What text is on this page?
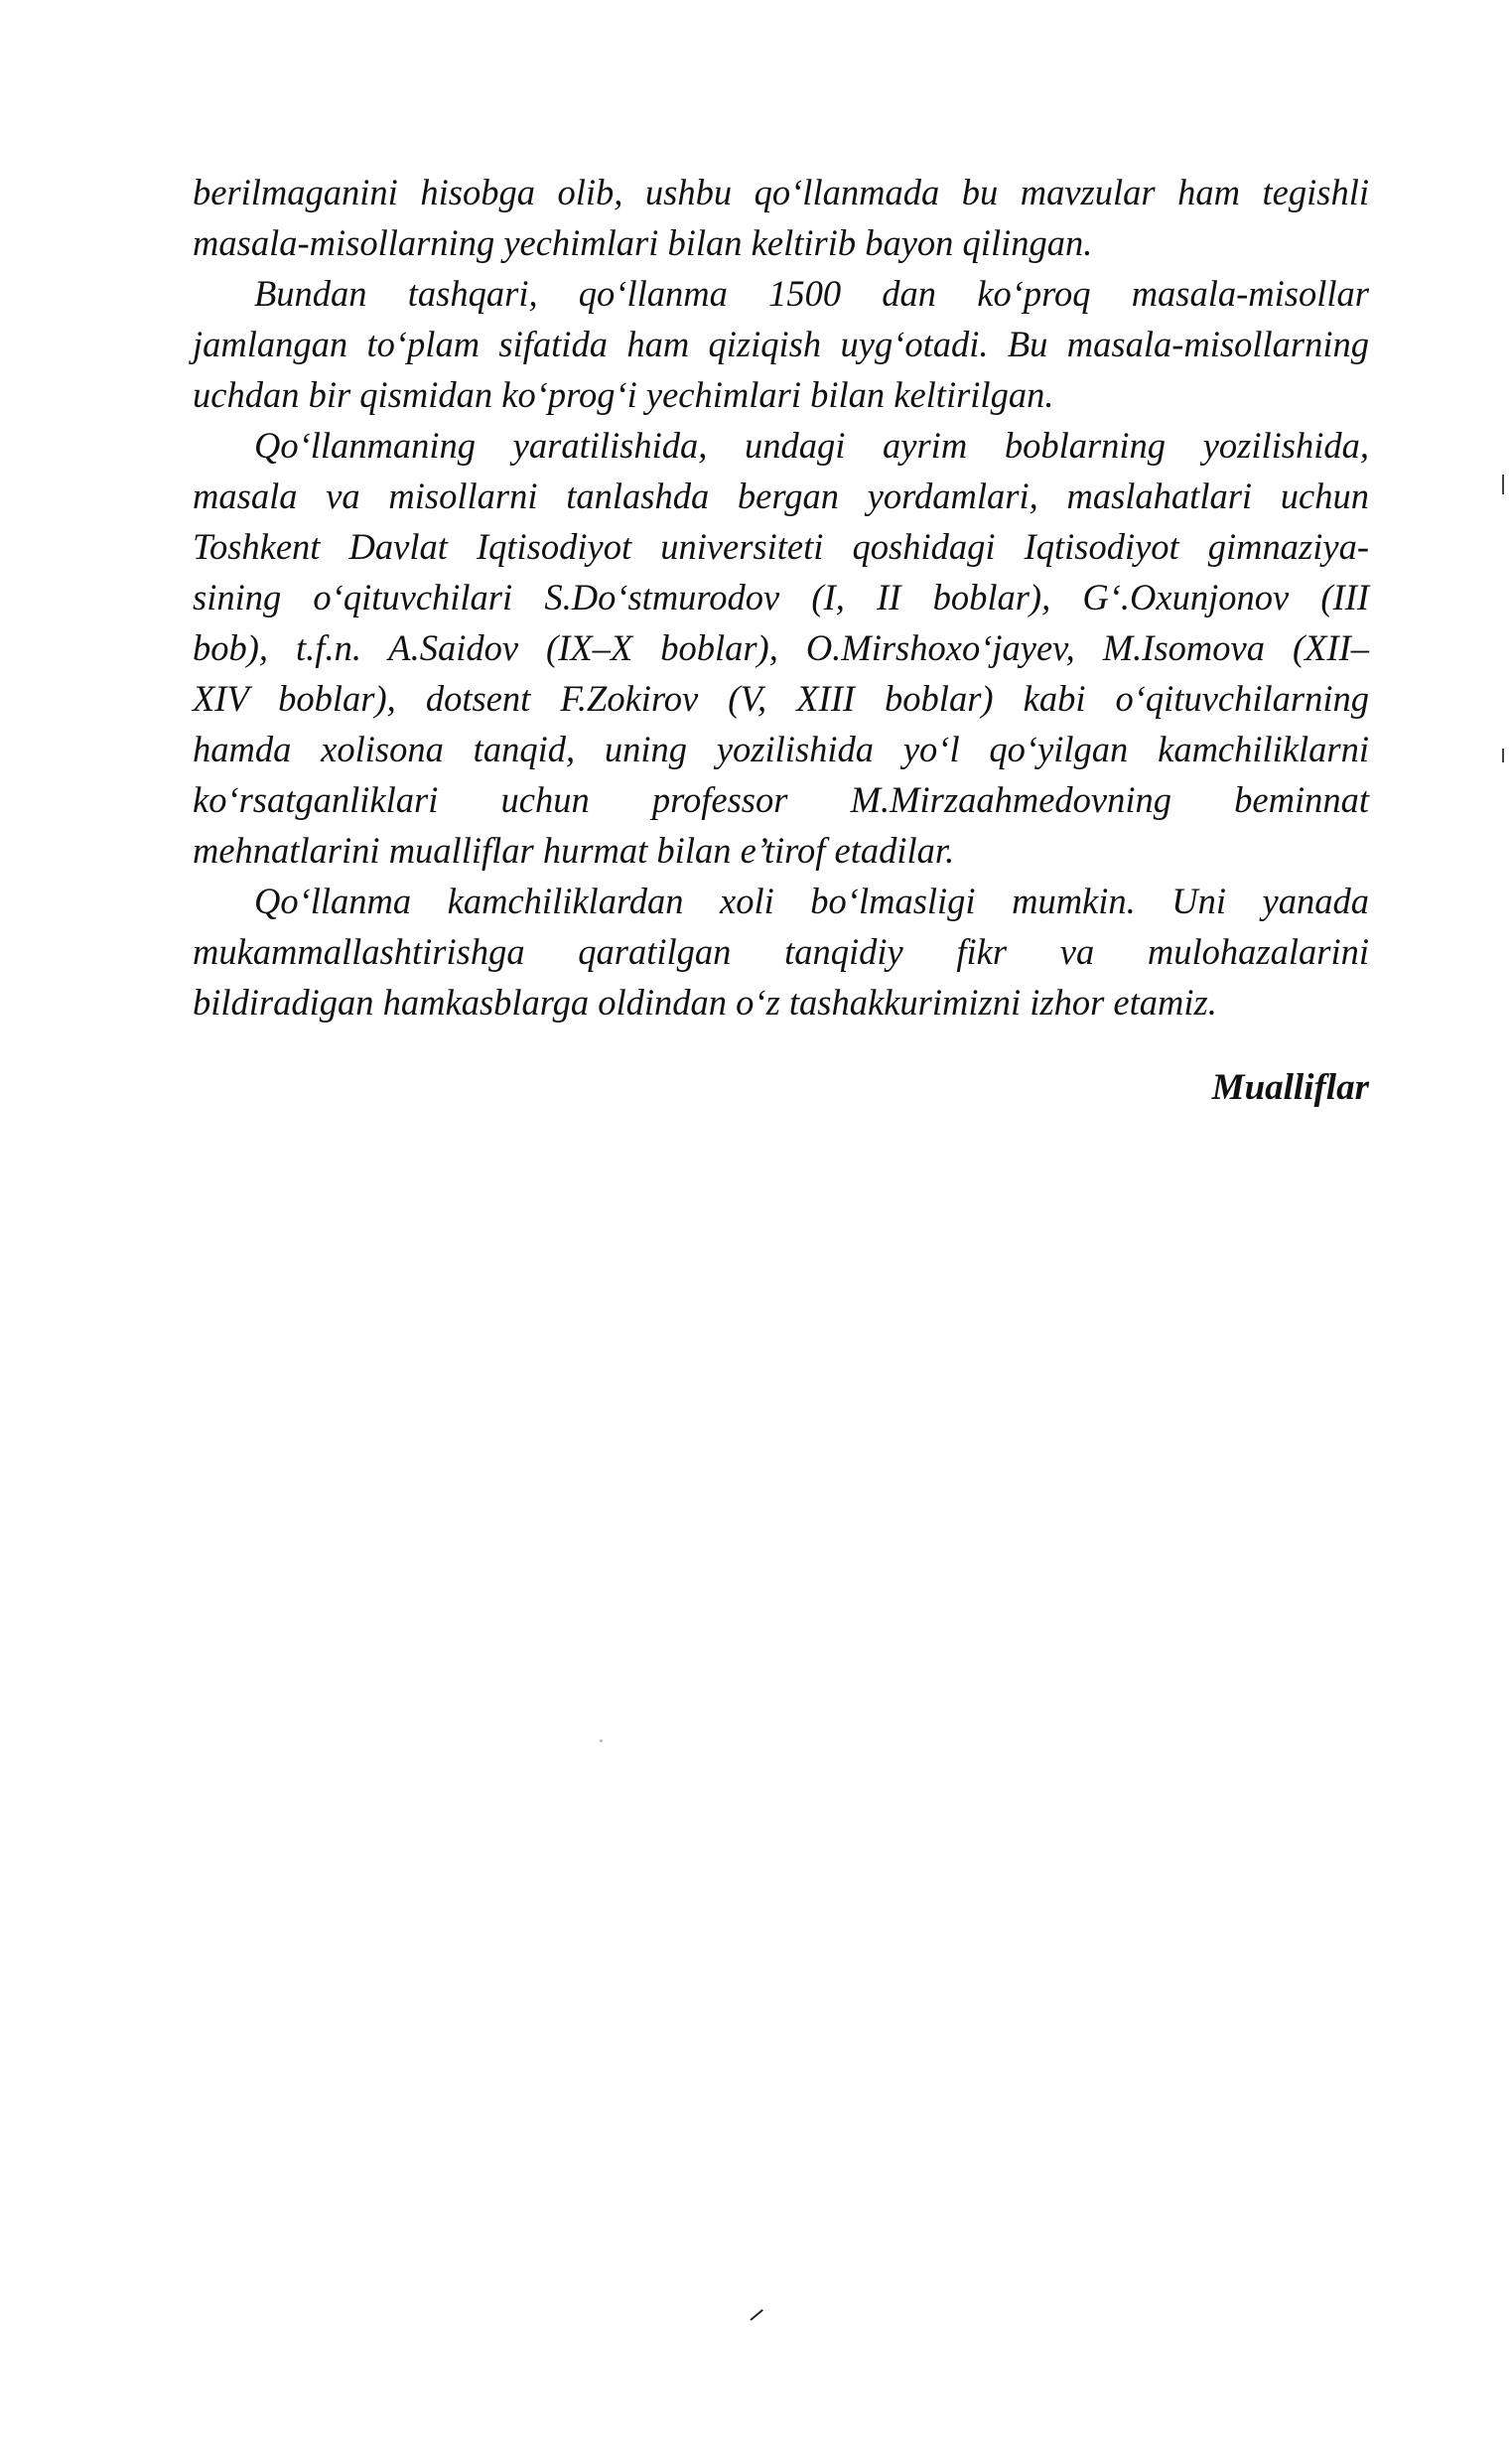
berilmaganini hisobga olib, ushbu qo‘llanmada bu mavzular ham tegishli
masala-misollarning yechimlari bilan keltirib bayon qilingan.
Bundan tashqari, qo‘llanma 1500 dan ko‘proq masala-misollar
jamlangan to‘plam sifatida ham qiziqish uyg‘otadi. Bu masala-misollarning
uchdan bir qismidan ko‘prog‘i yechimlari bilan keltirilgan.
Qo‘llanmaning yaratilishida, undagi ayrim boblarning yozilishida,
masala va misollarni tanlashda bergan yordamlari, maslahatlari uchun
Toshkent Davlat Iqtisodiyot universiteti qoshidagi Iqtisodiyot gimnaziya-
sining o‘qituvchilari S.Do‘stmurodov (I, II boblar), G‘.Oxunjonov (III
bob), t.f.n. A.Saidov (IX–X boblar), O.Mirshoxo‘jayev, M.Isomova (XII–
XIV boblar), dotsent F.Zokirov (V, XIII boblar) kabi o‘qituvchilarning
hamda xolisona tanqid, uning yozilishida yo‘l qo‘yilgan kamchiliklarni
ko‘rsatganliklari uchun professor M.Mirzaahmedovning beminnat
mehnatlarini mualliflar hurmat bilan e’tirof etadilar.
Qo‘llanma kamchiliklardan xoli bo‘lmasligi mumkin. Uni yanada
mukammallashtirishga qaratilgan tanqidiy fikr va mulohazalarini
bildiradigan hamkasblarga oldindan o‘z tashakkurimizni izhor etamiz.
Mualliflar
